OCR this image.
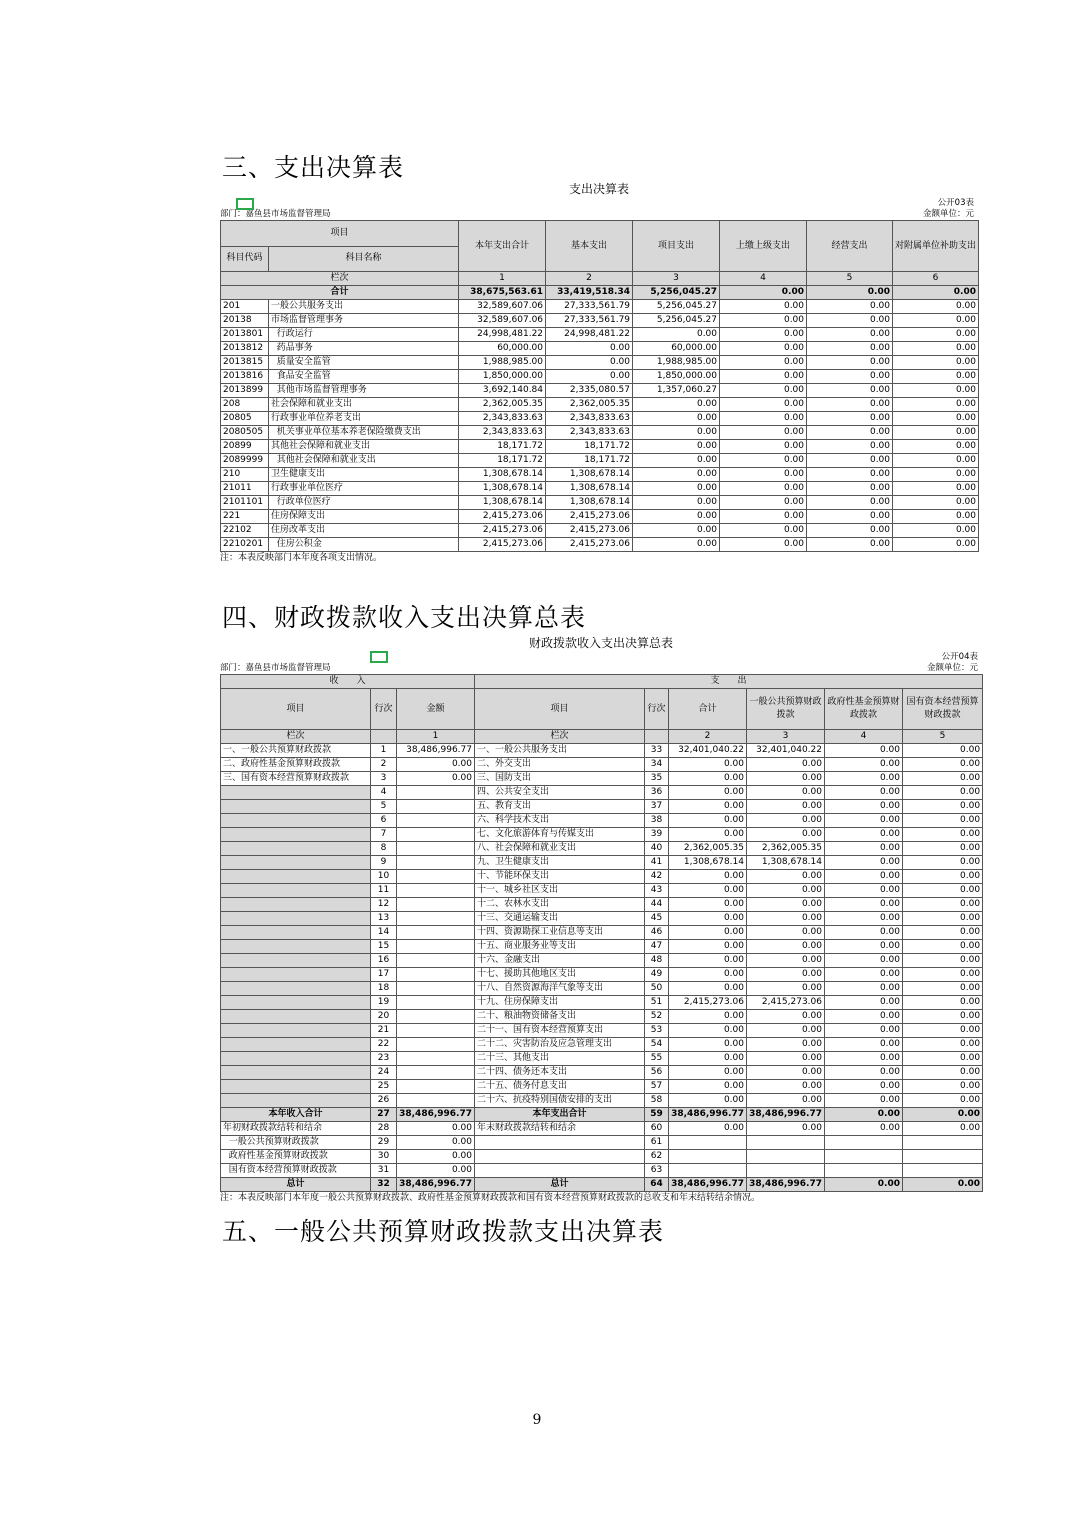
三、支出决算表
支出决算表
公开03表
部门：嘉鱼县市场监督管理局	金额单位：元
项目		本年支出合计	基本支出	项目支出	上缴上级支出	经营支出	对附属单位补助支出
科目代码	科目名称						
栏次		1	2	3	4	5	6
合计		38,675,563.61	33,419,518.34	5,256,045.27	0.00	0.00	0.00
201	一般公共服务支出	32,589,607.06	27,333,561.79	5,256,045.27	0.00	0.00	0.00
20138	市场监督管理事务	32,589,607.06	27,333,561.79	5,256,045.27	0.00	0.00	0.00
2013801	行政运行	24,998,481.22	24,998,481.22	0.00	0.00	0.00	0.00
2013812	药品事务	60,000.00	0.00	60,000.00	0.00	0.00	0.00
2013815	质量安全监管	1,988,985.00	0.00	1,988,985.00	0.00	0.00	0.00
2013816	食品安全监管	1,850,000.00	0.00	1,850,000.00	0.00	0.00	0.00
2013899	其他市场监督管理事务	3,692,140.84	2,335,080.57	1,357,060.27	0.00	0.00	0.00
208	社会保障和就业支出	2,362,005.35	2,362,005.35	0.00	0.00	0.00	0.00
20805	行政事业单位养老支出	2,343,833.63	2,343,833.63	0.00	0.00	0.00	0.00
2080505	机关事业单位基本养老保险缴费支出	2,343,833.63	2,343,833.63	0.00	0.00	0.00	0.00
20899	其他社会保障和就业支出	18,171.72	18,171.72	0.00	0.00	0.00	0.00
2089999	其他社会保障和就业支出	18,171.72	18,171.72	0.00	0.00	0.00	0.00
210	卫生健康支出	1,308,678.14	1,308,678.14	0.00	0.00	0.00	0.00
21011	行政事业单位医疗	1,308,678.14	1,308,678.14	0.00	0.00	0.00	0.00
2101101	行政单位医疗	1,308,678.14	1,308,678.14	0.00	0.00	0.00	0.00
221	住房保障支出	2,415,273.06	2,415,273.06	0.00	0.00	0.00	0.00
22102	住房改革支出	2,415,273.06	2,415,273.06	0.00	0.00	0.00	0.00
2210201	住房公积金	2,415,273.06	2,415,273.06	0.00	0.00	0.00	0.00
注：本表反映部门本年度各项支出情况。
四、财政拨款收入支出决算总表
财政拨款收入支出决算总表
公开04表
部门：嘉鱼县市场监督管理局	金额单位：元
收　　入			支　　出					
项目	行次	金额	项目	行次	合计	一般公共预算财政拨款	政府性基金预算财政拨款	国有资本经营预算财政拨款
栏次		1	栏次		2	3	4	5
一、一般公共预算财政拨款	1	38,486,996.77	一、一般公共服务支出	33	32,401,040.22	32,401,040.22	0.00	0.00
二、政府性基金预算财政拨款	2	0.00	二、外交支出	34	0.00	0.00	0.00	0.00
三、国有资本经营预算财政拨款	3	0.00	三、国防支出	35	0.00	0.00	0.00	0.00
	4		四、公共安全支出	36	0.00	0.00	0.00	0.00
	5		五、教育支出	37	0.00	0.00	0.00	0.00
	6		六、科学技术支出	38	0.00	0.00	0.00	0.00
	7		七、文化旅游体育与传媒支出	39	0.00	0.00	0.00	0.00
	8		八、社会保障和就业支出	40	2,362,005.35	2,362,005.35	0.00	0.00
	9		九、卫生健康支出	41	1,308,678.14	1,308,678.14	0.00	0.00
	10		十、节能环保支出	42	0.00	0.00	0.00	0.00
	11		十一、城乡社区支出	43	0.00	0.00	0.00	0.00
	12		十二、农林水支出	44	0.00	0.00	0.00	0.00
	13		十三、交通运输支出	45	0.00	0.00	0.00	0.00
	14		十四、资源勘探工业信息等支出	46	0.00	0.00	0.00	0.00
	15		十五、商业服务业等支出	47	0.00	0.00	0.00	0.00
	16		十六、金融支出	48	0.00	0.00	0.00	0.00
	17		十七、援助其他地区支出	49	0.00	0.00	0.00	0.00
	18		十八、自然资源海洋气象等支出	50	0.00	0.00	0.00	0.00
	19		十九、住房保障支出	51	2,415,273.06	2,415,273.06	0.00	0.00
	20		二十、粮油物资储备支出	52	0.00	0.00	0.00	0.00
	21		二十一、国有资本经营预算支出	53	0.00	0.00	0.00	0.00
	22		二十二、灾害防治及应急管理支出	54	0.00	0.00	0.00	0.00
	23		二十三、其他支出	55	0.00	0.00	0.00	0.00
	24		二十四、债务还本支出	56	0.00	0.00	0.00	0.00
	25		二十五、债务付息支出	57	0.00	0.00	0.00	0.00
	26		二十六、抗疫特别国债安排的支出	58	0.00	0.00	0.00	0.00
本年收入合计	27	38,486,996.77	本年支出合计	59	38,486,996.77	38,486,996.77	0.00	0.00
年初财政拨款结转和结余	28	0.00	年末财政拨款结转和结余	60	0.00	0.00	0.00	0.00
一般公共预算财政拨款	29	0.00		61				
政府性基金预算财政拨款	30	0.00		62				
国有资本经营预算财政拨款	31	0.00		63				
总计	32	38,486,996.77	总计	64	38,486,996.77	38,486,996.77	0.00	0.00
注：本表反映部门本年度一般公共预算财政拨款、政府性基金预算财政拨款和国有资本经营预算财政拨款的总收支和年末结转结余情况。
五、一般公共预算财政拨款支出决算表
9
